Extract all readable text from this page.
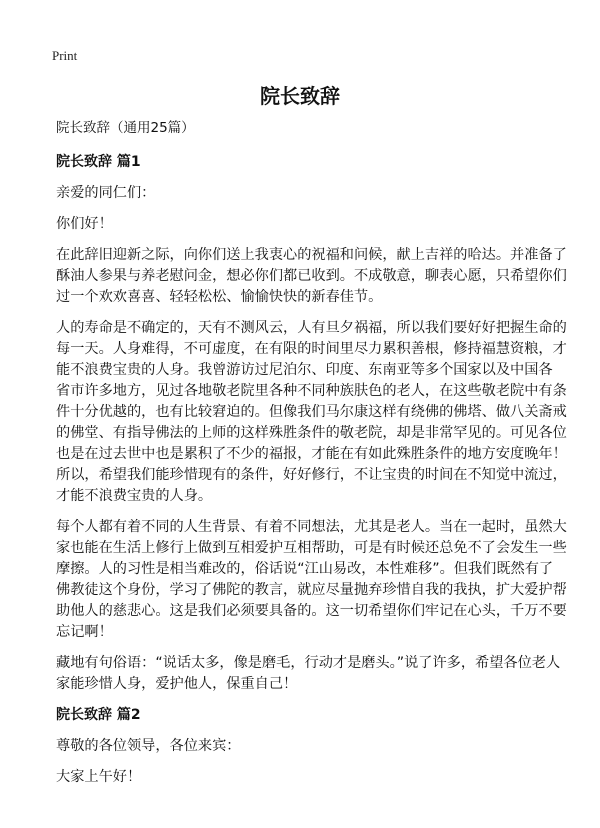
Print
院长致辞
院长致辞（通用25篇）
院长致辞 篇1
亲爱的同仁们：
你们好！
在此辞旧迎新之际，向你们送上我衷心的祝福和问候，献上吉祥的哈达。并准备了
酥油人参果与养老慰问金，想必你们都已收到。不成敬意，聊表心愿，只希望你们
过一个欢欢喜喜、轻轻松松、愉愉快快的新春佳节。
人的寿命是不确定的，天有不测风云，人有旦夕祸福，所以我们要好好把握生命的
每一天。人身难得，不可虚度，在有限的时间里尽力累积善根，修持福慧资粮，才
能不浪费宝贵的人身。我曾游访过尼泊尔、印度、东南亚等多个国家以及中国各
省市许多地方，见过各地敬老院里各种不同种族肤色的老人，在这些敬老院中有条
件十分优越的，也有比较窘迫的。但像我们马尔康这样有绕佛的佛塔、做八关斋戒
的佛堂、有指导佛法的上师的这样殊胜条件的敬老院，却是非常罕见的。可见各位
也是在过去世中也是累积了不少的福报，才能在有如此殊胜条件的地方安度晚年！
所以，希望我们能珍惜现有的条件，好好修行，不让宝贵的时间在不知觉中流过，
才能不浪费宝贵的人身。
每个人都有着不同的人生背景、有着不同想法，尤其是老人。当在一起时，虽然大
家也能在生活上修行上做到互相爱护互相帮助，可是有时候还总免不了会发生一些
摩擦。人的习性是相当难改的，俗话说“江山易改，本性难移”。但我们既然有了
佛教徒这个身份，学习了佛陀的教言，就应尽量抛弃珍惜自我的我执，扩大爱护帮
助他人的慈悲心。这是我们必须要具备的。这一切希望你们牢记在心头，千万不要
忘记啊！
藏地有句俗语：“说话太多，像是磨毛，行动才是磨头。”说了许多，希望各位老人
家能珍惜人身，爱护他人，保重自己！
院长致辞 篇2
尊敬的各位领导，各位来宾：
大家上午好！
